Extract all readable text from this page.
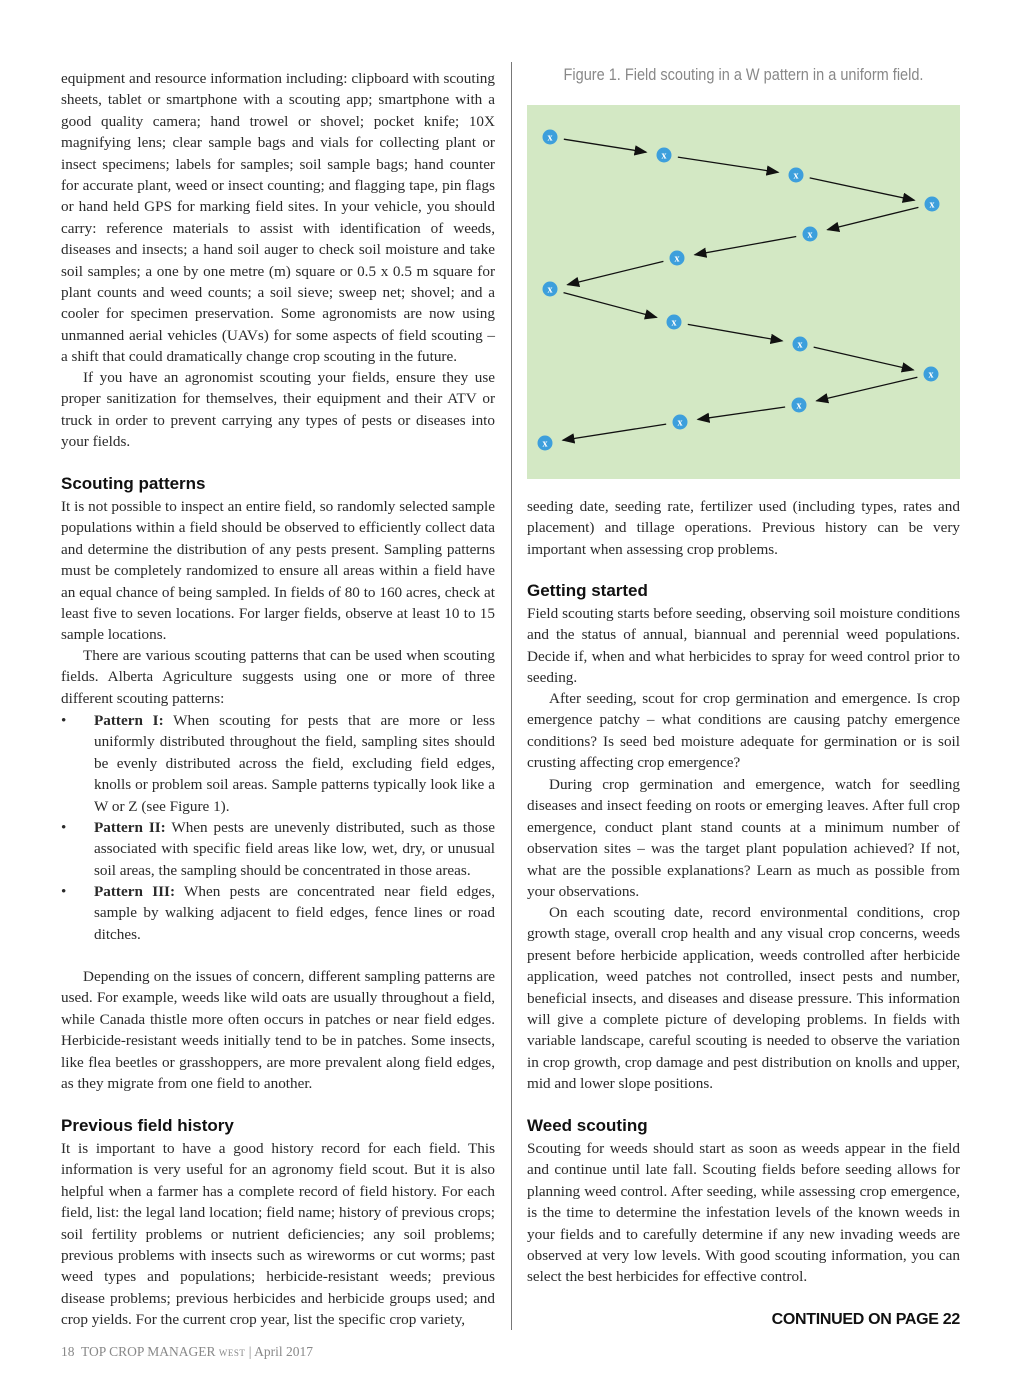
equipment and resource information including: clipboard with scouting sheets, tablet or smartphone with a scouting app; smartphone with a good quality camera; hand trowel or shovel; pocket knife; 10X magnifying lens; clear sample bags and vials for collecting plant or insect specimens; labels for samples; soil sample bags; hand counter for accurate plant, weed or insect counting; and flagging tape, pin flags or hand held GPS for marking field sites. In your vehicle, you should carry: reference materials to assist with identification of weeds, diseases and insects; a hand soil auger to check soil moisture and take soil samples; a one by one metre (m) square or 0.5 x 0.5 m square for plant counts and weed counts; a soil sieve; sweep net; shovel; and a cooler for specimen preservation. Some agronomists are now using unmanned aerial vehicles (UAVs) for some aspects of field scouting – a shift that could dramatically change crop scouting in the future.

If you have an agronomist scouting your fields, ensure they use proper sanitization for themselves, their equipment and their ATV or truck in order to prevent carrying any types of pests or diseases into your fields.

Scouting patterns

It is not possible to inspect an entire field, so randomly selected sample populations within a field should be observed to efficiently collect data and determine the distribution of any pests present. Sampling patterns must be completely randomized to ensure all areas within a field have an equal chance of being sampled. In fields of 80 to 160 acres, check at least five to seven locations. For larger fields, observe at least 10 to 15 sample locations.

There are various scouting patterns that can be used when scouting fields. Alberta Agriculture suggests using one or more of three different scouting patterns:

• Pattern I: When scouting for pests that are more or less uniformly distributed throughout the field, sampling sites should be evenly distributed across the field, excluding field edges, knolls or problem soil areas. Sample patterns typically look like a W or Z (see Figure 1).
• Pattern II: When pests are unevenly distributed, such as those associated with specific field areas like low, wet, dry, or unusual soil areas, the sampling should be concentrated in those areas.
• Pattern III: When pests are concentrated near field edges, sample by walking adjacent to field edges, fence lines or road ditches.

Depending on the issues of concern, different sampling patterns are used. For example, weeds like wild oats are usually throughout a field, while Canada thistle more often occurs in patches or near field edges. Herbicide-resistant weeds initially tend to be in patches. Some insects, like flea beetles or grasshoppers, are more prevalent along field edges, as they migrate from one field to another.

Previous field history

It is important to have a good history record for each field. This information is very useful for an agronomy field scout. But it is also helpful when a farmer has a complete record of field history. For each field, list: the legal land location; field name; history of previous crops; soil fertility problems or nutrient deficiencies; any soil problems; previous problems with insects such as wireworms or cut worms; past weed types and populations; herbicide-resistant weeds; previous disease problems; previous herbicides and herbicide groups used; and crop yields. For the current crop year, list the specific crop variety,

Figure 1. Field scouting in a W pattern in a uniform field.
x
x
x
x
x
x
x
x
x
x
x
x
x

seeding date, seeding rate, fertilizer used (including types, rates and placement) and tillage operations. Previous history can be very important when assessing crop problems.

Getting started

Field scouting starts before seeding, observing soil moisture conditions and the status of annual, biannual and perennial weed populations. Decide if, when and what herbicides to spray for weed control prior to seeding.

After seeding, scout for crop germination and emergence. Is crop emergence patchy – what conditions are causing patchy emergence conditions? Is seed bed moisture adequate for germination or is soil crusting affecting crop emergence?

During crop germination and emergence, watch for seedling diseases and insect feeding on roots or emerging leaves. After full crop emergence, conduct plant stand counts at a minimum number of observation sites – was the target plant population achieved? If not, what are the possible explanations? Learn as much as possible from your observations.

On each scouting date, record environmental conditions, crop growth stage, overall crop health and any visual crop concerns, weeds present before herbicide application, weeds controlled after herbicide application, weed patches not controlled, insect pests and number, beneficial insects, and diseases and disease pressure. This information will give a complete picture of developing problems. In fields with variable landscape, careful scouting is needed to observe the variation in crop growth, crop damage and pest distribution on knolls and upper, mid and lower slope positions.

Weed scouting

Scouting for weeds should start as soon as weeds appear in the field and continue until late fall. Scouting fields before seeding allows for planning weed control. After seeding, while assessing crop emergence, is the time to determine the infestation levels of the known weeds in your fields and to carefully determine if any new invading weeds are observed at very low levels. With good scouting information, you can select the best herbicides for effective control.

CONTINUED ON PAGE 22
18 TOP CROP MANAGER WEST | April 2017
